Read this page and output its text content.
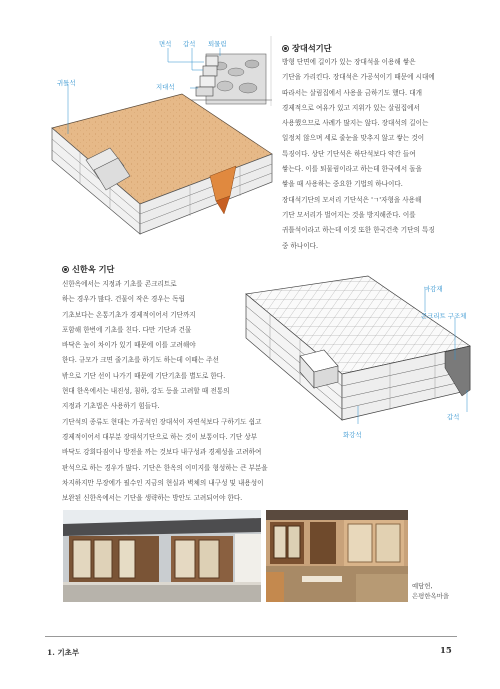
면석 갑석 퇴물림
지대석
귀틀석
장대석기단

방형 단면에 길이가 있는 장대석을 이용해 쌓은

기단을 가리킨다. 장대석은 가공석이기 때문에 시대에

따라서는 살림집에서 사용을 금하기도 했다. 대개

경제적으로 여유가 있고 지위가 있는 살림집에서

사용했으므로 사례가 많지는 않다. 장대석의 길이는

일정치 않으며 세로 줄눈을 맞추지 않고 쌓는 것이

특징이다. 상단 기단석은 하단석보다 약간 들여

쌓는다. 이를 퇴물림이라고 하는데 한국에서 돌을

쌓을 때 사용하는 중요한 기법의 하나이다.

장대석기단의 모서리 기단석은 'ㄱ'자형을 사용해

기단 모서리가 벌어지는 것을 방지해준다. 이를

귀틀석이라고 하는데 이것 또한 한국건축 기단의 특징

중 하나이다.

신한옥 기단

신한옥에서는 지정과 기초를 콘크리트로

하는 경우가 많다. 건물이 작은 경우는 독립

기초보다는 온통기초가 경제적이어서 기단까지

포함해 한번에 기초를 친다. 다만 기단과 건물

바닥은 높이 차이가 있기 때문에 이를 고려해야

한다. 규모가 크면 줄기초를 하기도 하는데 이때는 주선

밖으로 기단 선이 나가기 때문에 기단기초를 별도로 한다.

현대 한옥에서는 내진성, 침하, 강도 등을 고려할 때 전통의

지정과 기초법은 사용하기 힘들다.

기단석의 종류도 현대는 가공석인 장대석이 자연석보다 구하기도 쉽고

경제적이어서 대부분 장대석기단으로 하는 것이 보통이다. 기단 상부

바닥도 강회다짐이나 방전을 까는 것보다 내구성과 경제성을 고려하여

판석으로 하는 경우가 많다. 기단은 한옥의 이미지를 형성하는 큰 부분을

차지하지만 무장에가 필수인 지금의 현실과 벽체의 내구성 및 내용성이

보완된 신한옥에서는 기단을 생략하는 방안도 고려되어야 한다.

마감재
콘크리트 구조체
화강석
갑석

예담헌,

은평한옥마을

1. 기초부	15
